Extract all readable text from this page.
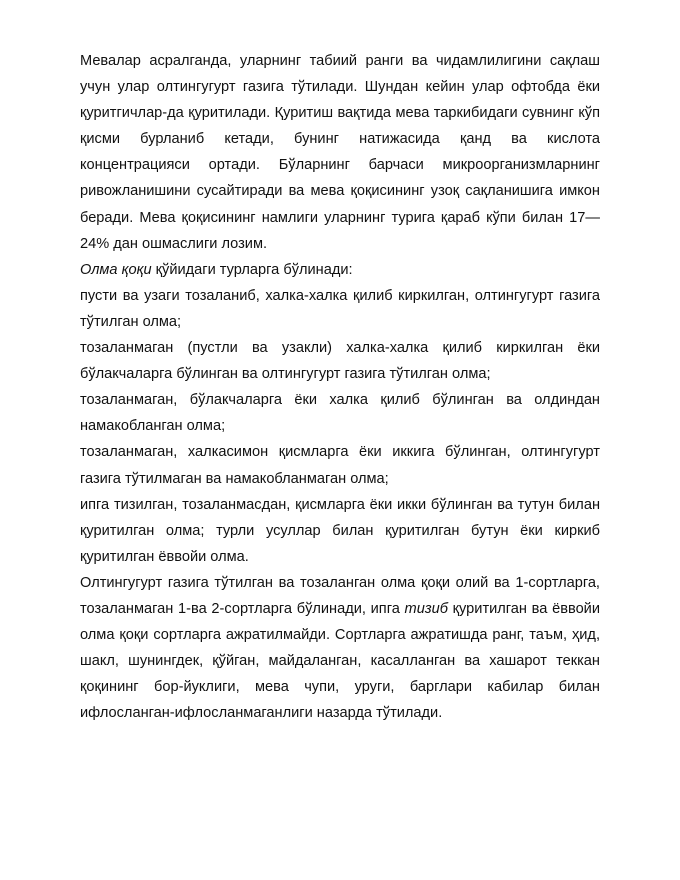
Мевалар асралганда, уларнинг табиий ранги ва чидамлилигини сақлаш учун улар олтингугурт газига тўтилади. Шундан кейин улар офтобда ёки қуритгичлар-да қуритилади. Қуритиш вақтида мева таркибидаги сувнинг кўп қисми бурланиб кетади, бунинг натижасида қанд ва кислота концентрацияси ортади. Бўларнинг барчаси микроорганизмларнинг ривожланишини сусайтиради ва мева қоқисининг узоқ сақланишига имкон беради. Мева қоқисининг намлиги уларнинг турига қараб кўпи билан 17—24% дан ошмаслиги лозим.

Олма қоқи қўйидаги турларга бўлинади:

пусти ва узаги тозаланиб, халка-халка қилиб киркилган, олтингугурт газига тўтилган олма;

тозаланмаган (пустли ва узакли) халка-халка қилиб киркилган ёки бўлакчаларга бўлинган ва олтингугурт газига тўтилган олма;

тозаланмаган, бўлакчаларга ёки халка қилиб бўлинган ва олдиндан намакобланган олма;

тозаланмаган, халкасимон қисмларга ёки иккига бўлинган, олтингугурт газига тўтилмаган ва намакобланмаган олма;

ипга тизилган, тозаланмасдан, қисмларга ёки икки бўлинган ва тутун билан қуритилган олма; турли усуллар билан қуритилган бутун ёки киркиб қуритилган ёввойи олма.

Олтингугурт газига тўтилган ва тозаланган олма қоқи олий ва 1-сортларга, тозаланмаган 1-ва 2-сортларга бўлинади, ипга тизиб қуритилган ва ёввойи олма қоқи сортларга ажратилмайди. Сортларга ажратишда ранг, таъм, ҳид, шакл, шунингдек, қўйган, майдаланган, касалланган ва хашарот теккан қоқининг бор-йуклиги, мева чупи, уруги, барглари кабилар билан ифлосланган-ифлосланмаганлиги назарда тўтилади.
